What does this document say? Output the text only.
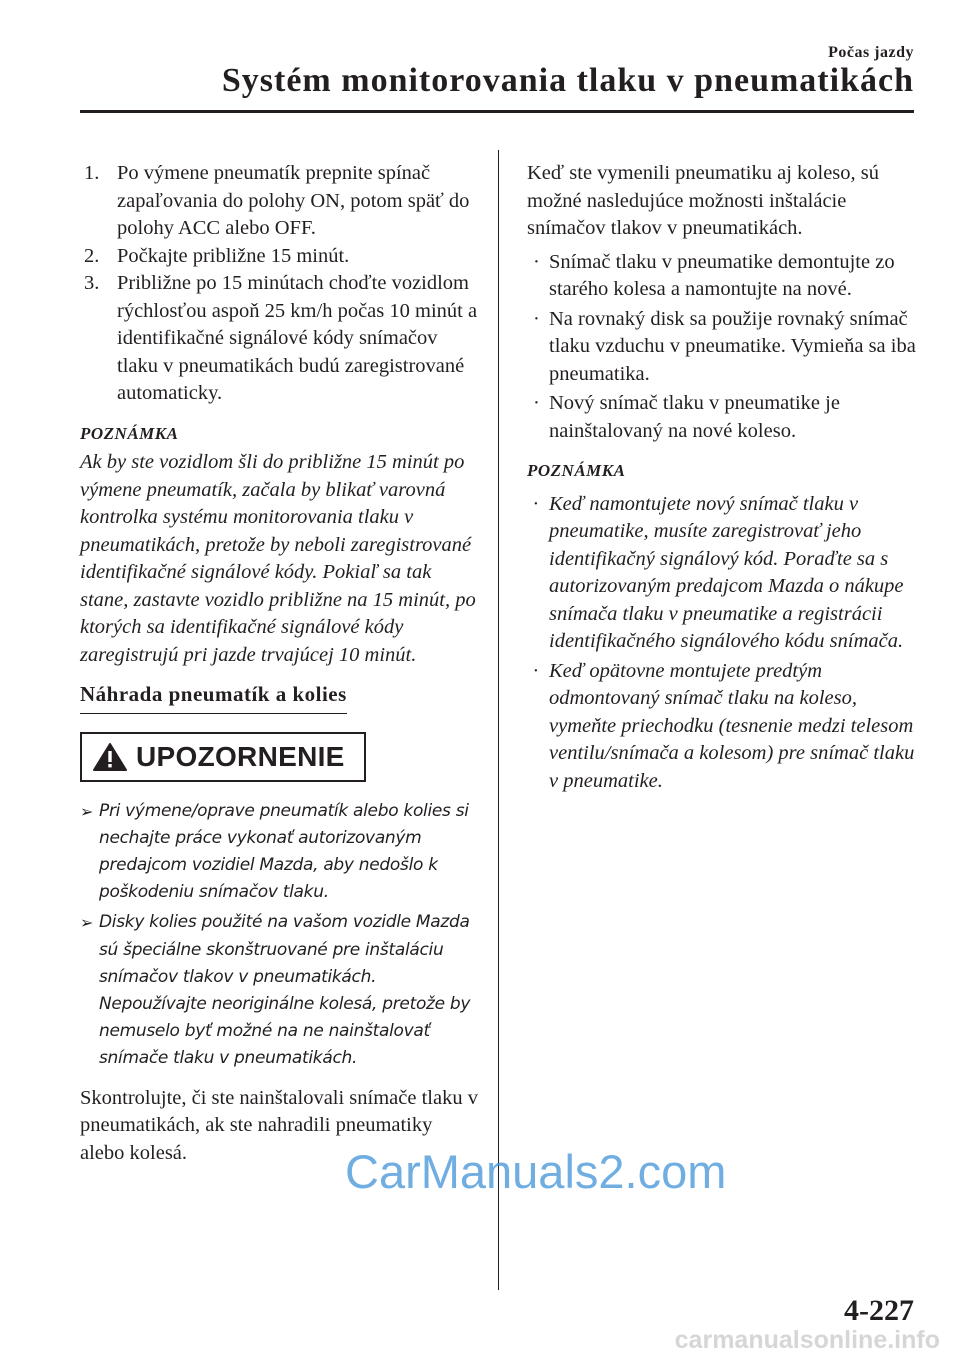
Počas jazdy
Systém monitorovania tlaku v pneumatikách
1. Po výmene pneumatík prepnite spínač zapaľovania do polohy ON, potom späť do polohy ACC alebo OFF.
2. Počkajte približne 15 minút.
3. Približne po 15 minútach choďte vozidlom rýchlosťou aspoň 25 km/h počas 10 minút a identifikačné signálové kódy snímačov tlaku v pneumatikách budú zaregistrované automaticky.
POZNÁMKA

Ak by ste vozidlom šli do približne 15 minút po výmene pneumatík, začala by blikať varovná kontrolka systému monitorovania tlaku v pneumatikách, pretože by neboli zaregistrované identifikačné signálové kódy. Pokiaľ sa tak stane, zastavte vozidlo približne na 15 minút, po ktorých sa identifikačné signálové kódy zaregistrujú pri jazde trvajúcej 10 minút.

Náhrada pneumatík a kolies
UPOZORNENIE
➢ Pri výmene/oprave pneumatík alebo kolies si nechajte práce vykonať autorizovaným predajcom vozidiel Mazda, aby nedošlo k poškodeniu snímačov tlaku.
➢ Disky kolies použité na vašom vozidle Mazda sú špeciálne skonštruované pre inštaláciu snímačov tlakov v pneumatikách. Nepoužívajte neoriginálne kolesá, pretože by nemuselo byť možné na ne nainštalovať snímače tlaku v pneumatikách.

Skontrolujte, či ste nainštalovali snímače tlaku v pneumatikách, ak ste nahradili pneumatiky alebo kolesá.

Keď ste vymenili pneumatiku aj koleso, sú možné nasledujúce možnosti inštalácie snímačov tlakov v pneumatikách.

· Snímač tlaku v pneumatike demontujte zo starého kolesa a namontujte na nové.
· Na rovnaký disk sa použije rovnaký snímač tlaku vzduchu v pneumatike. Vymieňa sa iba pneumatika.
· Nový snímač tlaku v pneumatike je nainštalovaný na nové koleso.
POZNÁMKA
· Keď namontujete nový snímač tlaku v pneumatike, musíte zaregistrovať jeho identifikačný signálový kód. Poraďte sa s autorizovaným predajcom Mazda o nákupe snímača tlaku v pneumatike a registrácii identifikačného signálového kódu snímača.
· Keď opätovne montujete predtým odmontovaný snímač tlaku na koleso, vymeňte priechodku (tesnenie medzi telesom ventilu/snímača a kolesom) pre snímač tlaku v pneumatike.
4-227
CarManuals2.com
carmanualsonline.info
